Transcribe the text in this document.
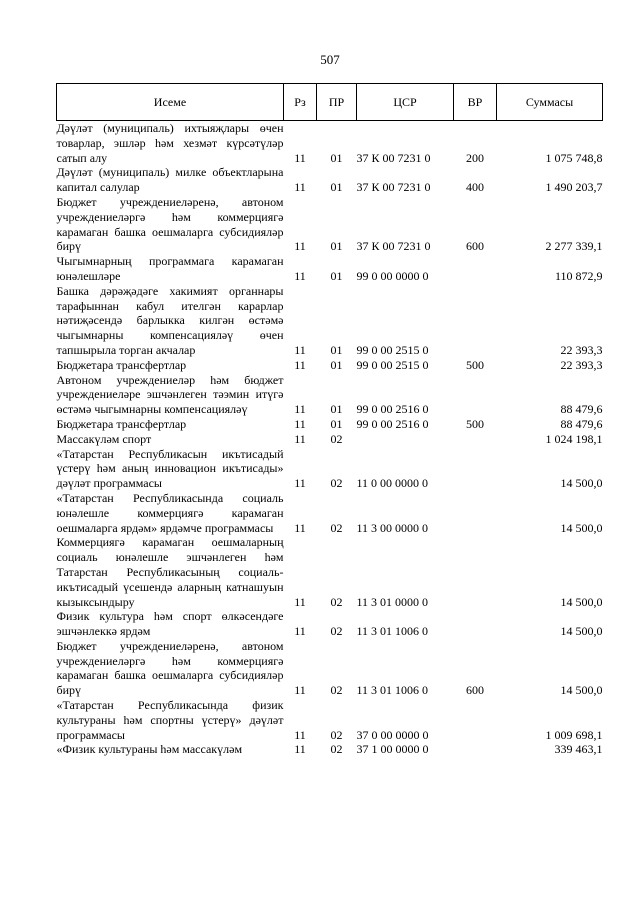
507
Исеме	Рз	ПР	ЦСР	ВР	Суммасы
Дәүләт (муниципаль) ихтыяҗлары өчен товарлар, эшләр һәм хезмәт күрсәтүләр сатып алу	11	01	37 К 00 7231 0	200	1 075 748,8
Дәүләт (муниципаль) милке объектларына капитал салулар	11	01	37 К 00 7231 0	400	1 490 203,7
Бюджет учреждениеләренә, автоном учреждениеләргә һәм коммерциягә карамаган башка оешмаларга субсидияләр бирү	11	01	37 К 00 7231 0	600	2 277 339,1
Чыгымнарның программага карамаган юнәлешләре	11	01	99 0 00 0000 0		110 872,9
Башка дәрәҗәдәге хакимият органнары тарафыннан кабул ителгән карарлар нәтиҗәсендә барлыкка килгән өстәмә чыгымнарны компенсацияләү өчен тапшырыла торган акчалар	11	01	99 0 00 2515 0		22 393,3
Бюджетара трансфертлар	11	01	99 0 00 2515 0	500	22 393,3
Автоном учреждениеләр һәм бюджет учреждениеләре эшчәнлеген тәэмин итүгә өстәмә чыгымнарны компенсацияләү	11	01	99 0 00 2516 0		88 479,6
Бюджетара трансфертлар	11	01	99 0 00 2516 0	500	88 479,6
Массакүләм спорт	11	02			1 024 198,1
«Татарстан Республикасын икътисадый үстерү һәм аның инновацион икътисады» дәүләт программасы	11	02	11 0 00 0000 0		14 500,0
«Татарстан Республикасында социаль юнәлешле коммерциягә карамаган оешмаларга ярдәм» ярдәмче программасы	11	02	11 3 00 0000 0		14 500,0
Коммерциягә карамаган оешмаларның социаль юнәлешле эшчәнлеген һәм Татарстан Республикасының социаль-икътисадый үсешендә аларның катнашуын кызыксындыру	11	02	11 3 01 0000 0		14 500,0
Физик культура һәм спорт өлкәсендәге эшчәнлеккә ярдәм	11	02	11 3 01 1006 0		14 500,0
Бюджет учреждениеләренә, автоном учреждениеләргә һәм коммерциягә карамаган башка оешмаларга субсидияләр бирү	11	02	11 3 01 1006 0	600	14 500,0
«Татарстан Республикасында физик культураны һәм спортны үстерү» дәүләт программасы	11	02	37 0 00 0000 0		1 009 698,1
«Физик культураны һәм массакүләм	11	02	37 1 00 0000 0		339 463,1
